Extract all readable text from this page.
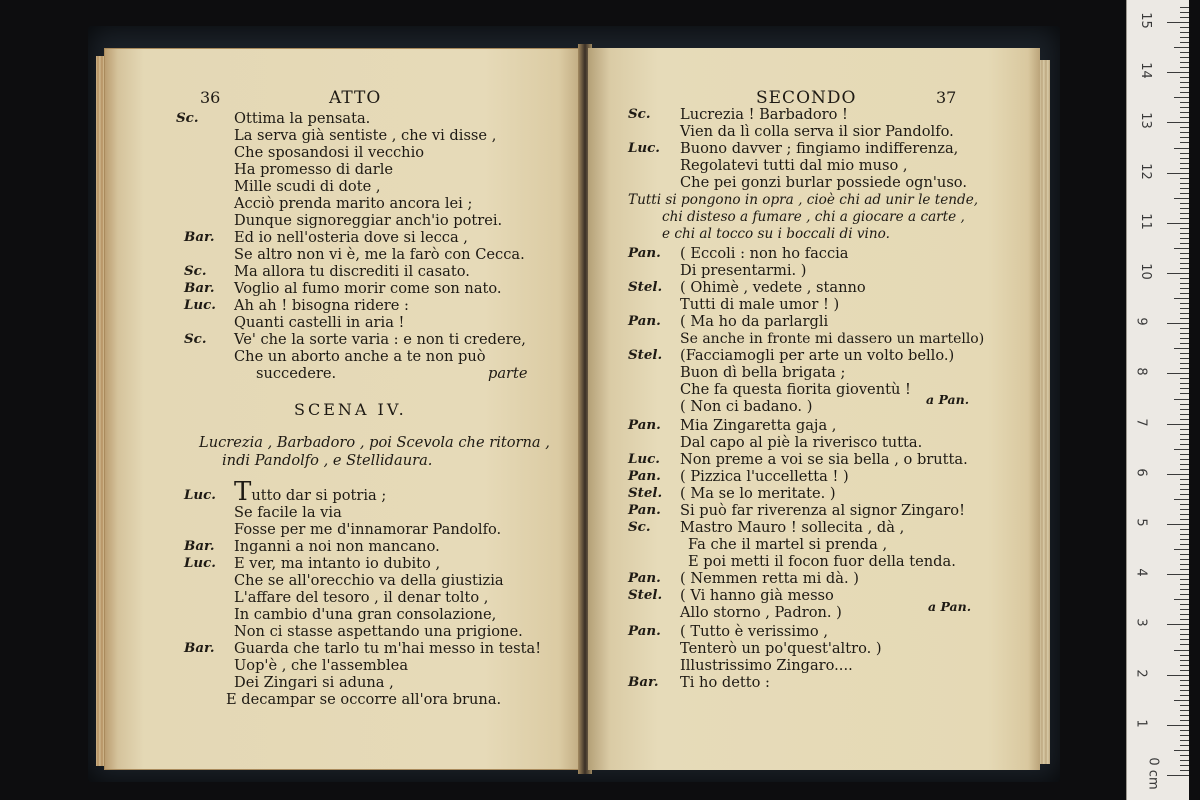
36	ATTO
Sc. Ottima la pensata.
La serva già sentiste , che vi disse ,
Che sposandosi il vecchio
Ha promesso di darle
Mille scudi di dote ,
Acciò prenda marito ancora lei ;
Dunque signoreggiar anch'io potrei.
Bar. Ed io nell'osteria dove si lecca ,
Se altro non vi è, me la farò con Cecca.
Sc. Ma allora tu discrediti il casato.
Bar. Voglio al fumo morir come son nato.
Luc. Ah ah ! bisogna ridere :
Quanti castelli in aria !
Sc. Ve' che la sorte varia : e non ti credere,
Che un aborto anche a te non può
succedere.	parte
SCENA IV.
Lucrezia , Barbadoro , poi Scevola che ritorna ,
indi Pandolfo , e Stellidaura.
Luc. Tutto dar si potria ;
Se facile la via
Fosse per me d'innamorar Pandolfo.
Bar. Inganni a noi non mancano.
Luc. E ver, ma intanto io dubito ,
Che se all'orecchio va della giustizia
L'affare del tesoro , il denar tolto ,
In cambio d'una gran consolazione,
Non ci stasse aspettando una prigione.
Bar. Guarda che tarlo tu m'hai messo in testa!
Uop'è , che l'assemblea
Dei Zingari si aduna ,
E decampar se occorre all'ora bruna.
SECONDO	37
Sc. Lucrezia ! Barbadoro !
Vien da lì colla serva il sior Pandolfo.
Luc. Buono davver ; fingiamo indifferenza,
Regolatevi tutti dal mio muso ,
Che pei gonzi burlar possiede ogn'uso.
Tutti si pongono in opra , cioè chi ad unir le tende,
chi disteso a fumare , chi a giocare a carte ,
e chi al tocco su i boccali di vino.
Pan. ( Eccoli : non ho faccia
Di presentarmi. )
Stel. ( Ohimè , vedete , stanno
Tutti di male umor ! )
Pan. ( Ma ho da parlargli
Se anche in fronte mi dassero un martello)
Stel. (Facciamogli per arte un volto bello.)
Buon dì bella brigata ;
Che fa questa fiorita gioventù !
( Non ci badano. )	a Pan.
Pan. Mia Zingaretta gaja ,
Dal capo al piè la riverisco tutta.
Luc. Non preme a voi se sia bella , o brutta.
Pan. ( Pizzica l'uccelletta ! )
Stel. ( Ma se lo meritate. )
Pan. Si può far riverenza al signor Zingaro!
Sc. Mastro Mauro ! sollecita , dà ,
Fa che il martel si prenda ,
E poi metti il focon fuor della tenda.
Pan. ( Nemmen retta mi dà. )
Stel. ( Vi hanno già messo
Allo storno , Padron. )	a Pan.
Pan. ( Tutto è verissimo ,
Tenterò un po'quest'altro. )
Illustrissimo Zingaro....
Bar. Ti ho detto :
0 cm
1
2
3
4
5
6
7
8
9
10
11
12
13
14
15
